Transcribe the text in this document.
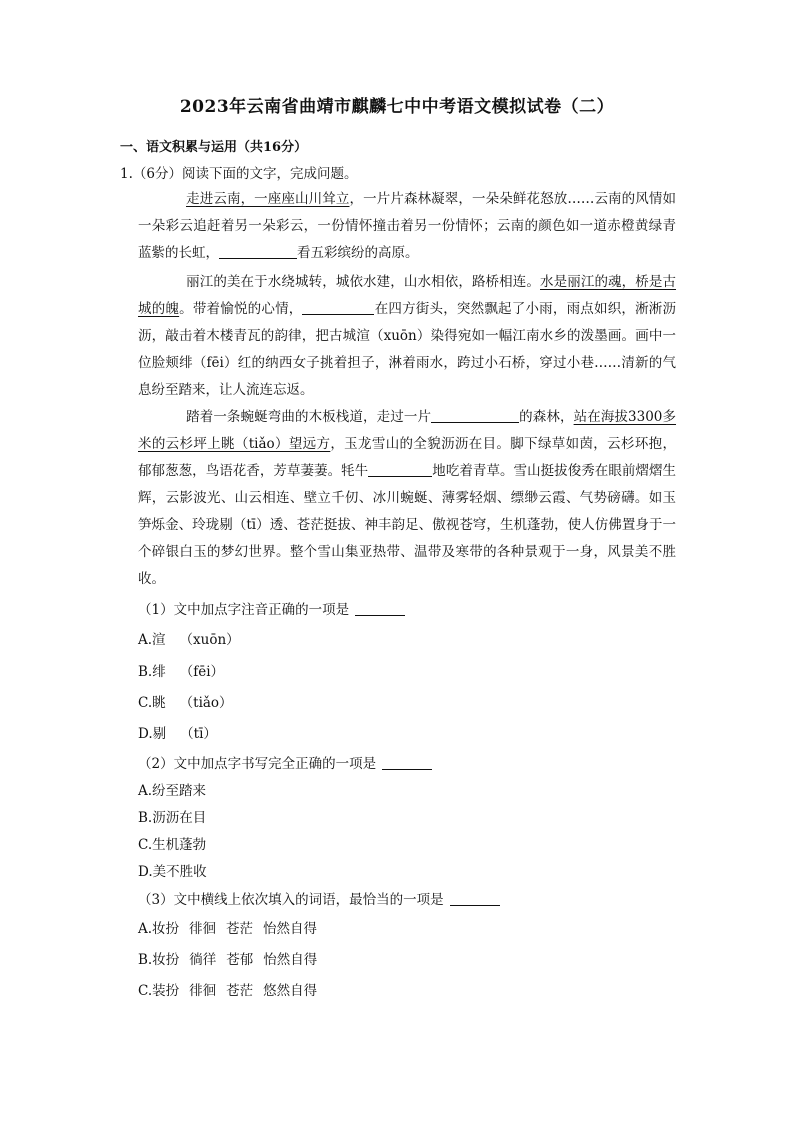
2023年云南省曲靖市麒麟七中中考语文模拟试卷（二）
一、语文积累与运用（共16分）
1.（6分）阅读下面的文字，完成问题。
走进云南，一座座山川耸立，一片片森林凝翠，一朵朵鲜花怒放……云南的风情如一朵彩云追赶着另一朵彩云，一份情怀撞击着另一份情怀；云南的颜色如一道赤橙黄绿青蓝紫的长虹，	看五彩缤纷的高原。
丽江的美在于水绕城转，城依水建，山水相依，路桥相连。水是丽江的魂，桥是古城的魄。带着愉悦的心情，	在四方街头，突然飘起了小雨，雨点如织，淅淅沥沥，敲击着木楼青瓦的韵律，把古城渲（xuōn）染得宛如一幅江南水乡的泼墨画。画中一位脸颊绯（fēi）红的纳西女子挑着担子，淋着雨水，跨过小石桥，穿过小巷……清新的气息纷至踏来，让人流连忘返。
踏着一条蜿蜒弯曲的木板栈道，走过一片	的森林，站在海拔3300多米的云杉坪上眺（tiǎo）望远方，玉龙雪山的全貌沥沥在目。脚下绿草如茵，云杉环抱，郁郁葱葱，鸟语花香，芳草萋萋。牦牛	地吃着青草。雪山挺拔俊秀在眼前熠熠生辉，云影波光、山云相连、壁立千仞、冰川蜿蜒、薄雾轻烟、缥缈云霞、气势磅礴。如玉笋烁金、玲珑剔（tī）透、苍茫挺拔、神丰韵足、傲视苍穹，生机蓬勃，使人仿佛置身于一个碎银白玉的梦幻世界。整个雪山集亚热带、温带及寒带的各种景观于一身，风景美不胜收。
（1）文中加点字注音正确的一项是
A.渲 （xuōn）
B.绯 （fēi）
C.眺 （tiǎo）
D.剔 （tī）
（2）文中加点字书写完全正确的一项是
A.纷至踏来
B.沥沥在目
C.生机蓬勃
D.美不胜收
（3）文中横线上依次填入的词语，最恰当的一项是
A.妆扮 徘徊 苍茫 怡然自得
B.妆扮 徜徉 苍郁 怡然自得
C.装扮 徘徊 苍茫 悠然自得
